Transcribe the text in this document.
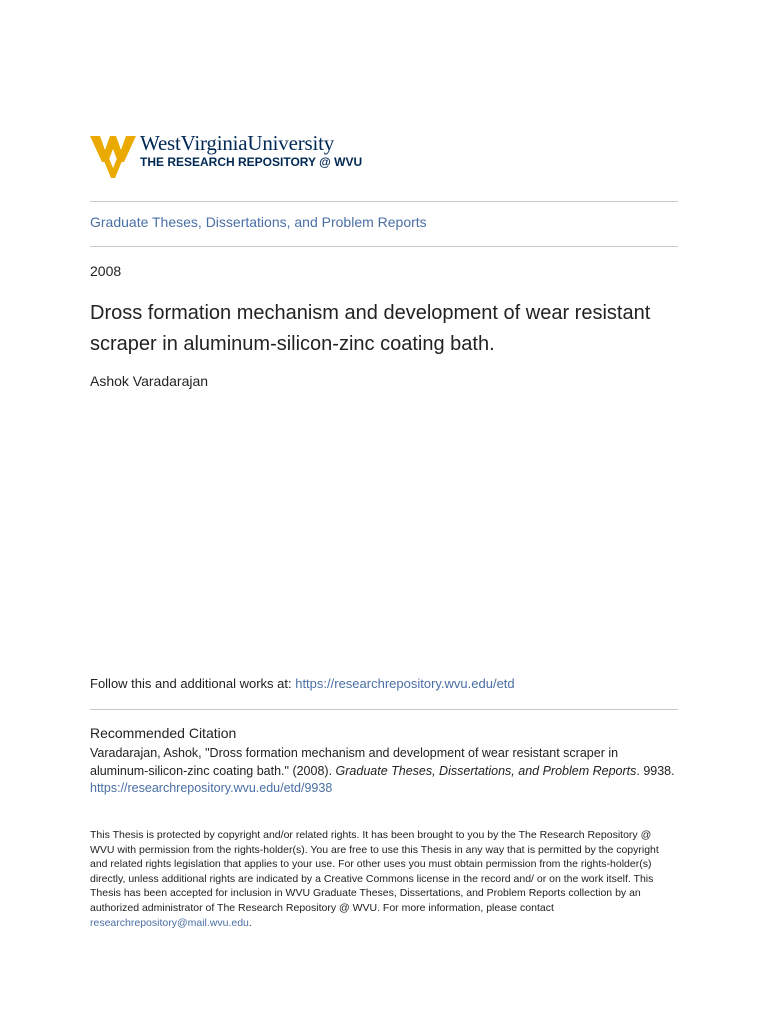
WestVirginiaUniversity
THE RESEARCH REPOSITORY @ WVU
Graduate Theses, Dissertations, and Problem Reports
2008
Dross formation mechanism and development of wear resistant scraper in aluminum-silicon-zinc coating bath.
Ashok Varadarajan
Follow this and additional works at: https://researchrepository.wvu.edu/etd
Recommended Citation
Varadarajan, Ashok, "Dross formation mechanism and development of wear resistant scraper in aluminum-silicon-zinc coating bath." (2008). Graduate Theses, Dissertations, and Problem Reports. 9938.
https://researchrepository.wvu.edu/etd/9938
This Thesis is protected by copyright and/or related rights. It has been brought to you by the The Research Repository @ WVU with permission from the rights-holder(s). You are free to use this Thesis in any way that is permitted by the copyright and related rights legislation that applies to your use. For other uses you must obtain permission from the rights-holder(s) directly, unless additional rights are indicated by a Creative Commons license in the record and/ or on the work itself. This Thesis has been accepted for inclusion in WVU Graduate Theses, Dissertations, and Problem Reports collection by an authorized administrator of The Research Repository @ WVU. For more information, please contact researchrepository@mail.wvu.edu.
